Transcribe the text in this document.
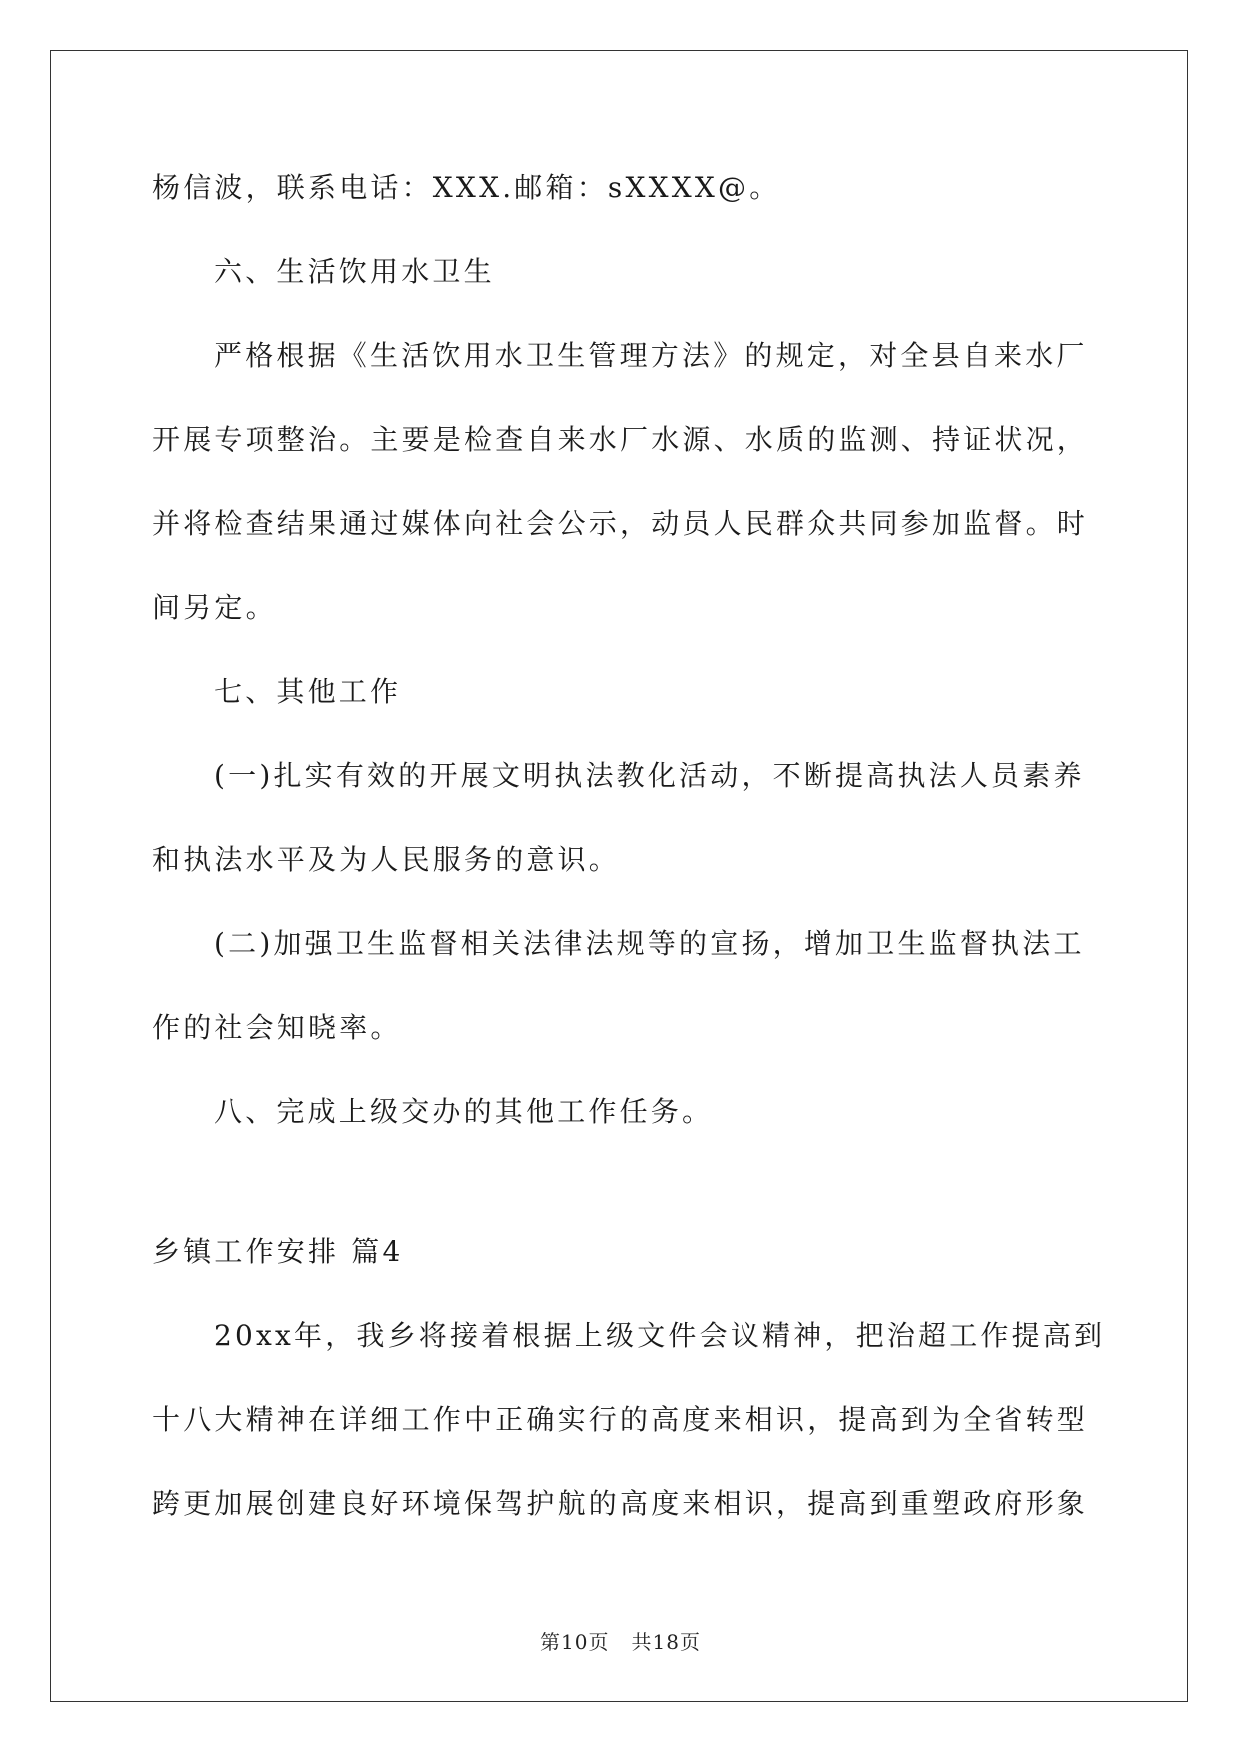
杨信波，联系电话：XXX.邮箱：sXXXX@。
六、生活饮用水卫生
严格根据《生活饮用水卫生管理方法》的规定，对全县自来水厂
开展专项整治。主要是检查自来水厂水源、水质的监测、持证状况，
并将检查结果通过媒体向社会公示，动员人民群众共同参加监督。时
间另定。
七、其他工作
(一)扎实有效的开展文明执法教化活动，不断提高执法人员素养
和执法水平及为人民服务的意识。
(二)加强卫生监督相关法律法规等的宣扬，增加卫生监督执法工
作的社会知晓率。
八、完成上级交办的其他工作任务。
乡镇工作安排 篇4
20xx年，我乡将接着根据上级文件会议精神，把治超工作提高到
十八大精神在详细工作中正确实行的高度来相识，提高到为全省转型
跨更加展创建良好环境保驾护航的高度来相识，提高到重塑政府形象
第10页 共18页
